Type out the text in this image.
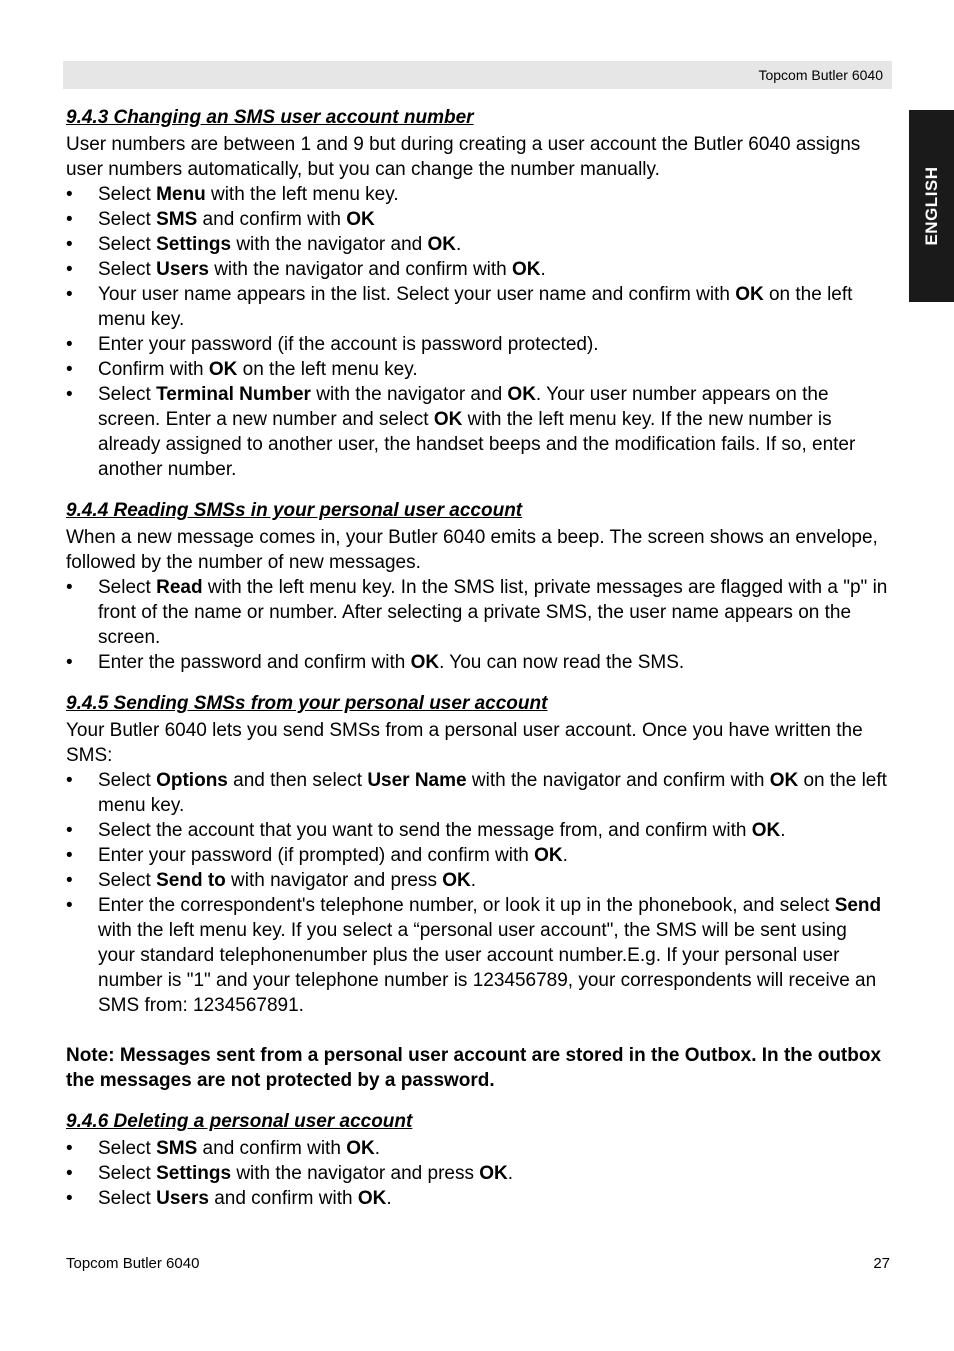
Topcom Butler 6040
ENGLISH
9.4.3 Changing an SMS user account number

User numbers are between 1 and 9 but during creating a user account the Butler 6040 assigns user numbers automatically, but you can change the number manually.

• Select Menu with the left menu key.
• Select SMS and confirm with OK
• Select Settings with the navigator and OK.
• Select Users with the navigator and confirm with OK.
• Your user name appears in the list. Select your user name and confirm with OK on the left menu key.
• Enter your password (if the account is password protected).
• Confirm with OK on the left menu key.
• Select Terminal Number with the navigator and OK. Your user number appears on the screen. Enter a new number and select OK with the left menu key. If the new number is already assigned to another user, the handset beeps and the modification fails. If so, enter another number.
9.4.4 Reading SMSs in your personal user account

When a new message comes in, your Butler 6040 emits a beep. The screen shows an envelope, followed by the number of new messages.

• Select Read with the left menu key. In the SMS list, private messages are flagged with a "p" in front of the name or number. After selecting a private SMS, the user name appears on the screen.
• Enter the password and confirm with OK. You can now read the SMS.
9.4.5 Sending SMSs from your personal user account

Your Butler 6040 lets you send SMSs from a personal user account. Once you have written the SMS:

• Select Options and then select User Name with the navigator and confirm with OK on the left menu key.
• Select the account that you want to send the message from, and confirm with OK.
• Enter your password (if prompted) and confirm with OK.
• Select Send to with navigator and press OK.
• Enter the correspondent's telephone number, or look it up in the phonebook, and select Send with the left menu key. If you select a “personal user account", the SMS will be sent using your standard telephonenumber plus the user account number.E.g. If your personal user number is "1" and your telephone number is 123456789, your correspondents will receive an SMS from: 1234567891.

Note: Messages sent from a personal user account are stored in the Outbox. In the outbox the messages are not protected by a password.

9.4.6 Deleting a personal user account
• Select SMS and confirm with OK.
• Select Settings with the navigator and press OK.
• Select Users and confirm with OK.
Topcom Butler 6040	27
